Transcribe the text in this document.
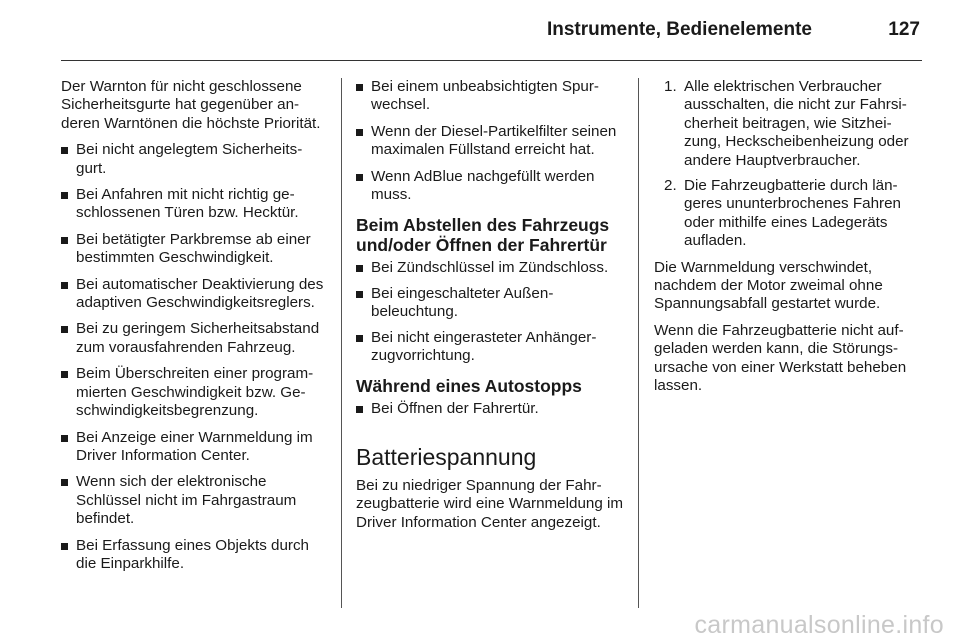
Instrumente, Bedienelemente	127

Der Warnton für nicht geschlossene Sicherheitsgurte hat gegenüber anderen Warntönen die höchste Priorität.

Bei nicht angelegtem Sicherheitsgurt.
Bei Anfahren mit nicht richtig geschlossenen Türen bzw. Hecktür.
Bei betätigter Parkbremse ab einer bestimmten Geschwindigkeit.
Bei automatischer Deaktivierung des adaptiven Geschwindigkeitsreglers.
Bei zu geringem Sicherheitsabstand zum vorausfahrenden Fahrzeug.
Beim Überschreiten einer programmierten Geschwindigkeit bzw. Geschwindigkeitsbegrenzung.
Bei Anzeige einer Warnmeldung im Driver Information Center.
Wenn sich der elektronische Schlüssel nicht im Fahrgastraum befindet.
Bei Erfassung eines Objekts durch die Einparkhilfe.
Bei einem unbeabsichtigten Spurwechsel.
Wenn der Diesel-Partikelfilter seinen maximalen Füllstand erreicht hat.
Wenn AdBlue nachgefüllt werden muss.
Beim Abstellen des Fahrzeugs und/oder Öffnen der Fahrertür
Bei Zündschlüssel im Zündschloss.
Bei eingeschalteter Außenbeleuchtung.
Bei nicht eingerasteter Anhängerzugvorrichtung.
Während eines Autostopps
Bei Öffnen der Fahrertür.
Batteriespannung

Bei zu niedriger Spannung der Fahrzeugbatterie wird eine Warnmeldung im Driver Information Center angezeigt.

1. Alle elektrischen Verbraucher ausschalten, die nicht zur Fahrsicherheit beitragen, wie Sitzheizung, Heckscheibenheizung oder andere Hauptverbraucher.
2. Die Fahrzeugbatterie durch längeres ununterbrochenes Fahren oder mithilfe eines Ladegeräts aufladen.

Die Warnmeldung verschwindet, nachdem der Motor zweimal ohne Spannungsabfall gestartet wurde.

Wenn die Fahrzeugbatterie nicht aufgeladen werden kann, die Störungsursache von einer Werkstatt beheben lassen.

carmanualsonline.info
